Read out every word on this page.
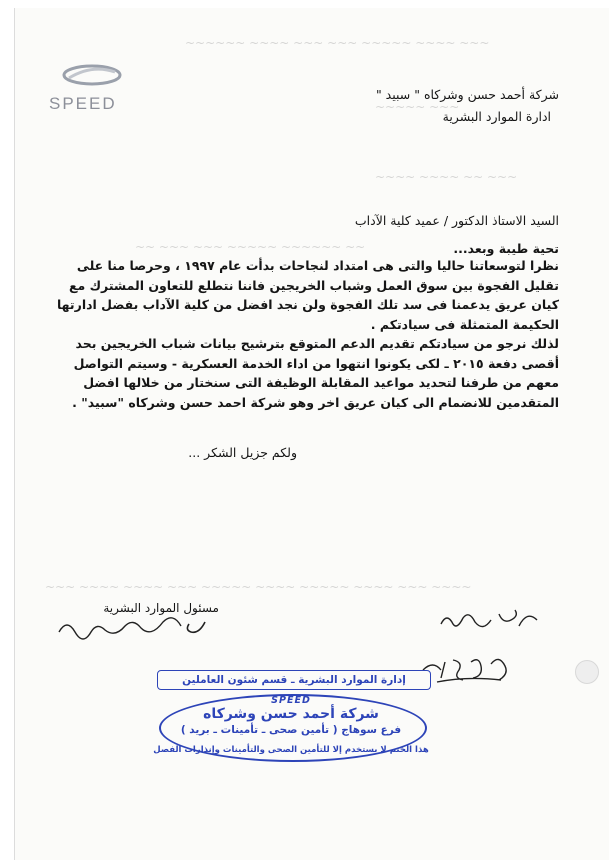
~~~ ~~~~ ~~~~~ ~~~ ~~~ ~~~~ ~~~~~~
~~~ ~~~~~
~~~ ~~ ~~~~ ~~~~
~~ ~~~~~~ ~~~~~ ~~~ ~~~ ~~
~~~~ ~~~ ~~~~ ~~~~~ ~~~~ ~~~~~ ~~~ ~~~~ ~~~~ ~~~
SPEED	شركة أحمد حسن وشركاه " سبيد "
ادارة الموارد البشرية
السيد الاستاذ الدكتور / عميد كلية الآداب
تحية طيبة وبعد...
نظرا لتوسعاتنا حاليا والتى هى امتداد لنجاحات بدأت عام ١٩٩٧ ، وحرصا منا على تقليل الفجوة بين سوق العمل وشباب الخريجين فاننا نتطلع للتعاون المشترك مع كيان عريق يدعمنا فى سد تلك الفجوة ولن نجد افضل من كلية الآداب بفضل ادارتها الحكيمة المتمثلة فى سيادتكم .
لذلك نرجو من سيادتكم تقديم الدعم المتوقع بترشيح بيانات شباب الخريجين بحد أقصى دفعة ٢٠١٥ ـ لكى يكونوا انتهوا من اداء الخدمة العسكرية - وسيتم التواصل معهم من طرفنا لتحديد مواعيد المقابلة الوظيفة التى سنختار من خلالها افضل المتقدمين للانضمام الى كيان عريق اخر وهو شركة احمد حسن وشركاه "سبيد" .
ولكم جزيل الشكر ...
مسئول الموارد البشرية
إدارة الموارد البشرية ـ قسم شئون العاملين
SPEED
شركة أحمد حسن وشركاه
فرع سوهاج ( تأمين صحى ـ تأمينات ـ بريد )
هذا الختم لا يستخدم إلا للتأمين الصحى والتأمينات وإنذارات الفصل
